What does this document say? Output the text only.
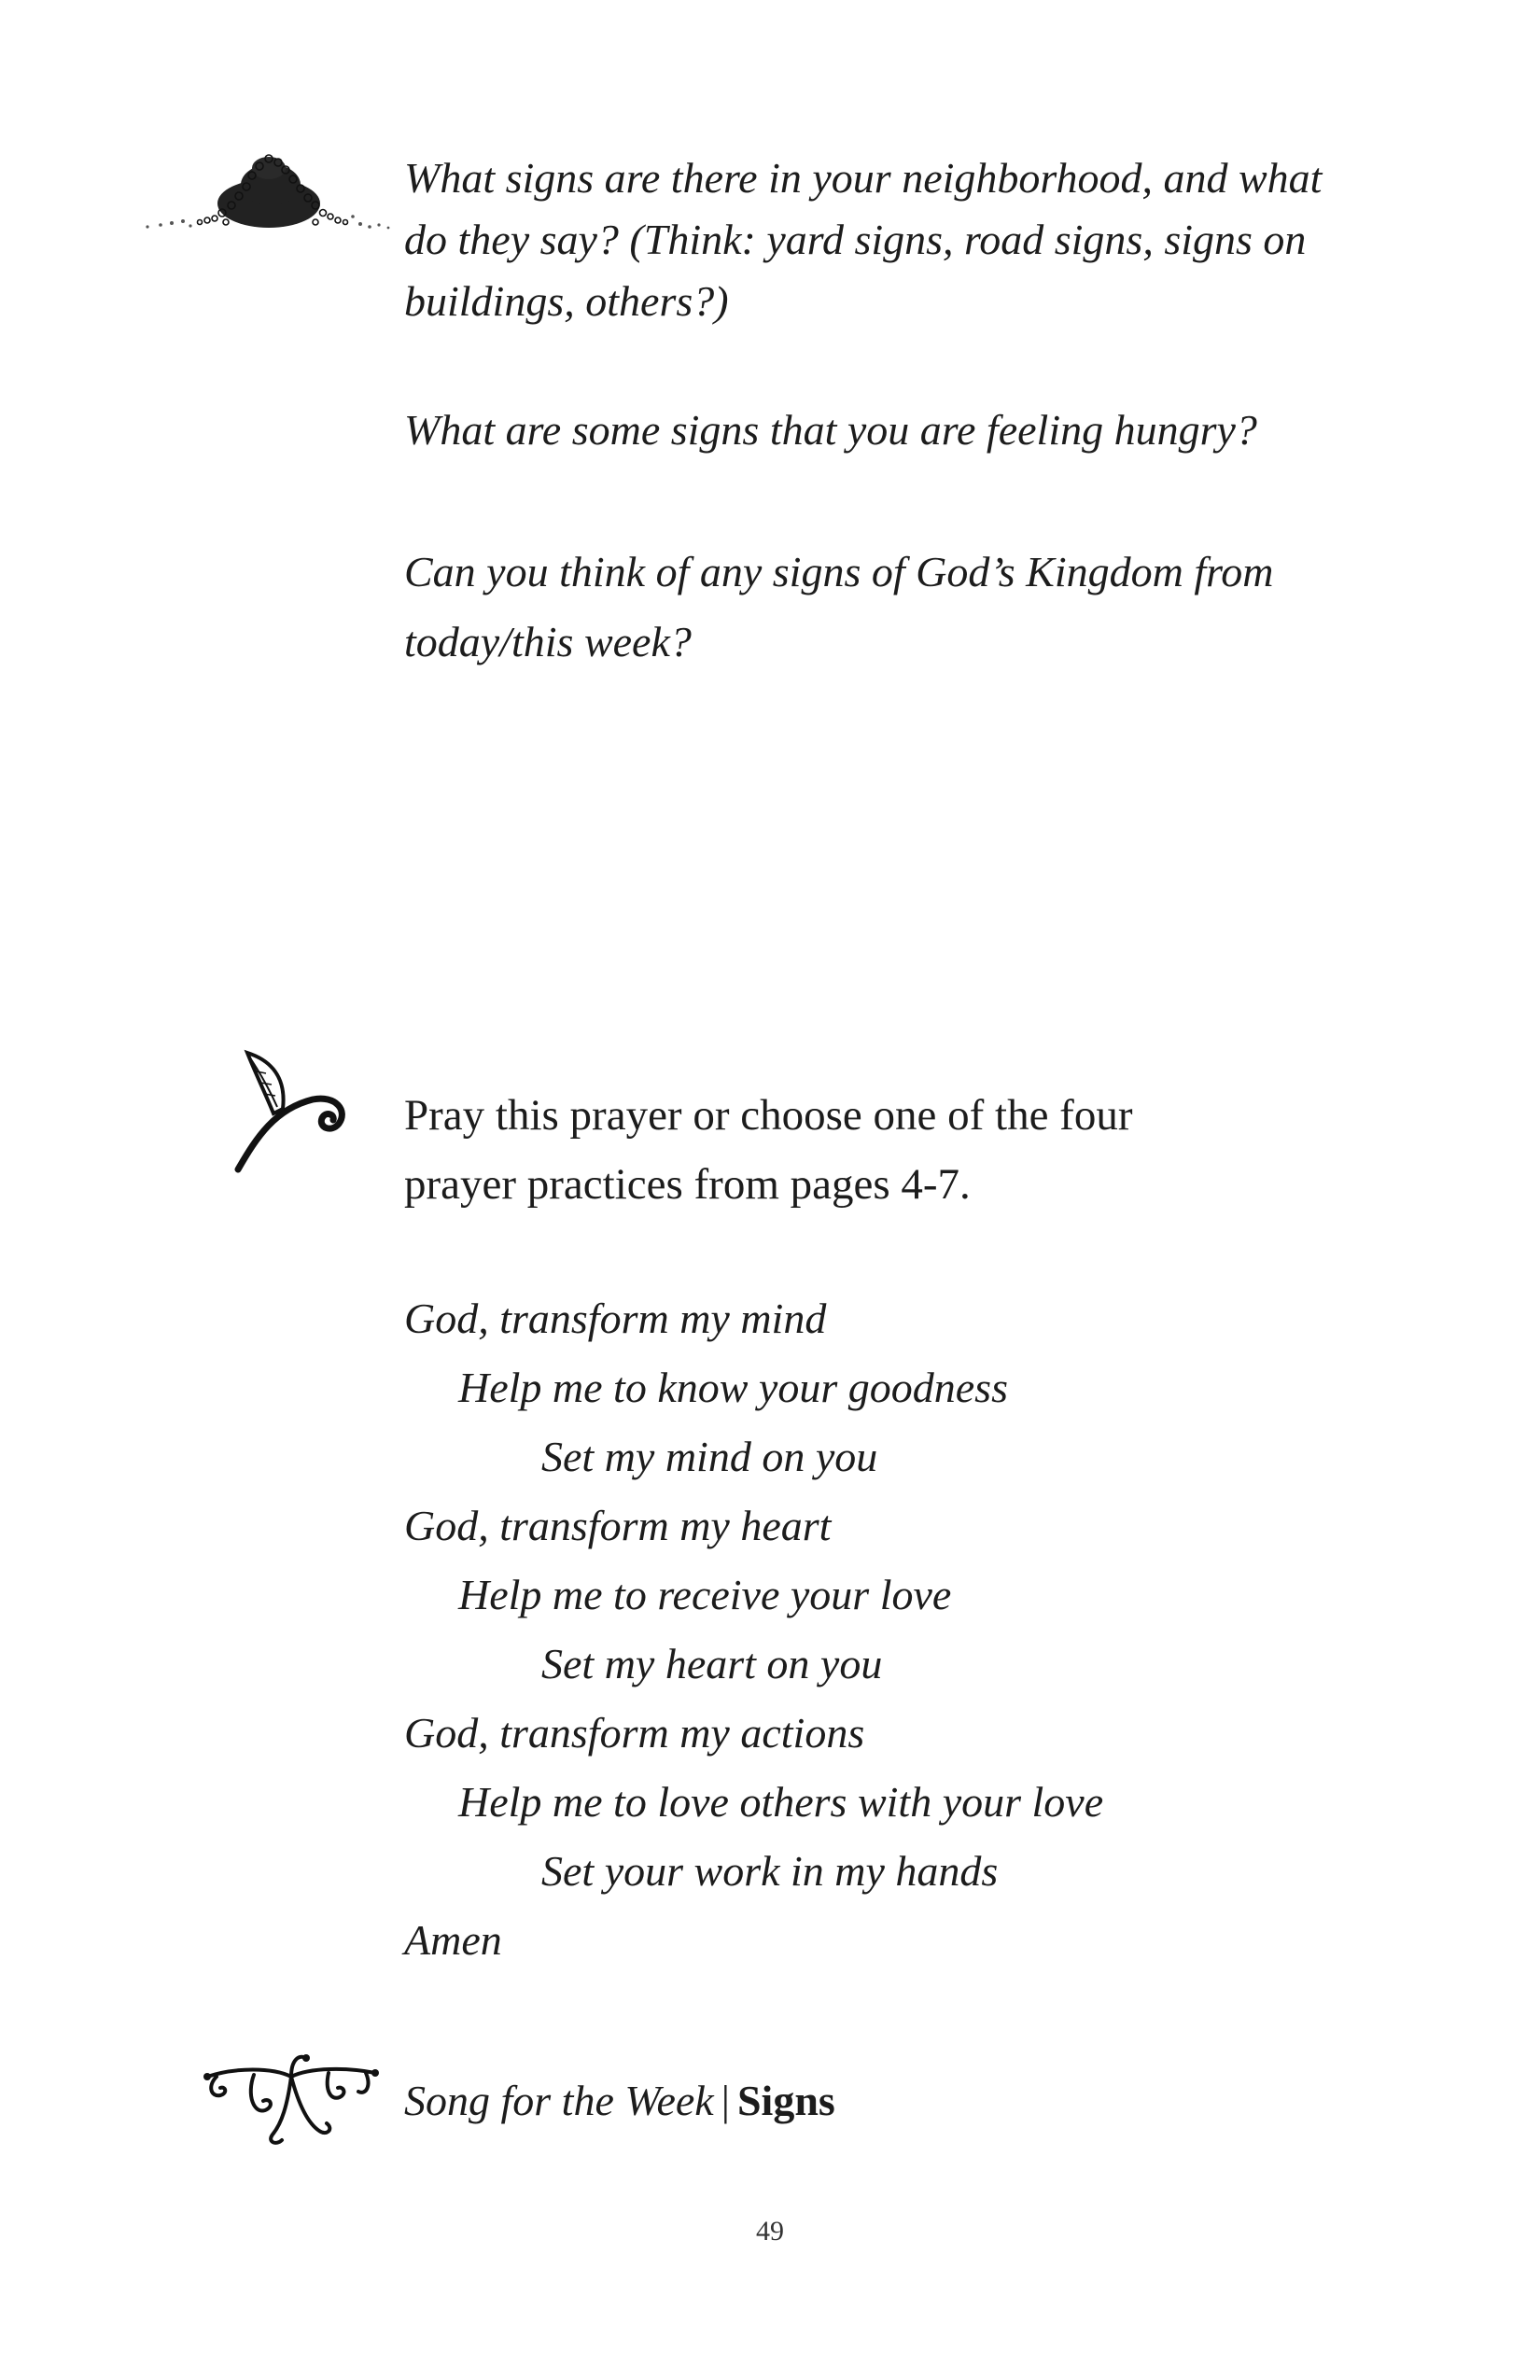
What signs are there in your neighborhood, and what do they say? (Think: yard signs, road signs, signs on buildings, others?)

What are some signs that you are feeling hungry?

Can you think of any signs of God’s Kingdom from today/this week?

Pray this prayer or choose one of the four prayer practices from pages 4-7.

God, transform my mind
Help me to know your goodness
Set my mind on you
God, transform my heart
Help me to receive your love
Set my heart on you
God, transform my actions
Help me to love others with your love
Set your work in my hands
Amen

Song for the Week | Signs

49
